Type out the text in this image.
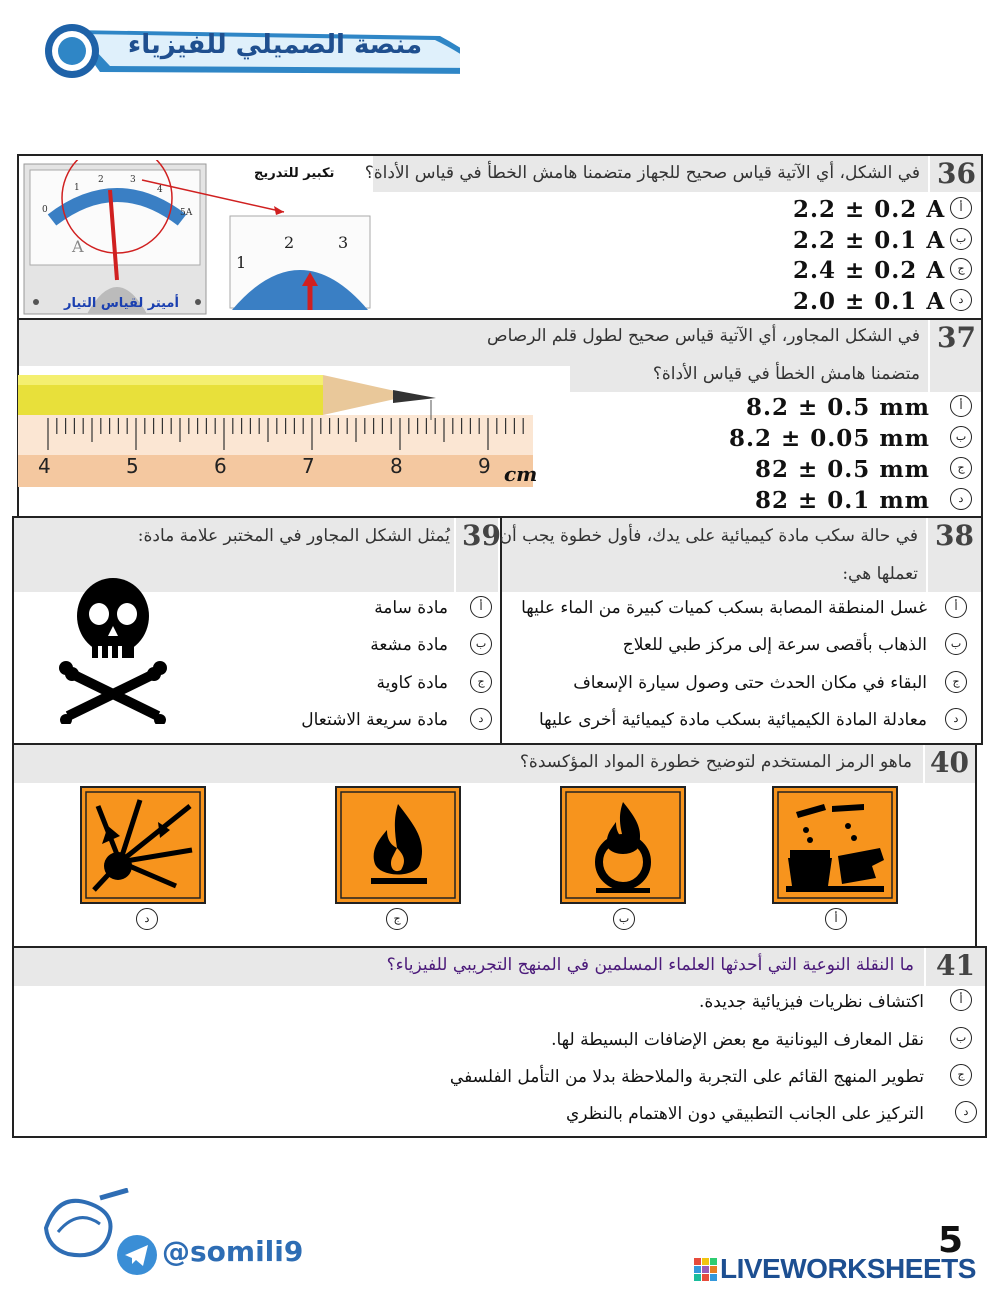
منصة الصميلي للفيزياء
36
في الشكل، أي الآتية قياس صحيح للجهاز متضمنا هامش الخطأ في قياس الأداة؟
0
1
2	3
4
5A
A
1
2	3
تكبير للتدريج
أميتر لقياس التيار
أ
2.2 ± 0.2 A
ب
2.2 ± 0.1 A
ج
2.4 ± 0.2 A
د
2.0 ± 0.1 A
37
في الشكل المجاور، أي الآتية قياس صحيح لطول قلم الرصاص
متضمنا هامش الخطأ في قياس الأداة؟
4	5	6	7	8	9 cm
أ
8.2 ± 0.5 mm
ب
8.2 ± 0.05 mm
ج
82 ± 0.5 mm
د
82 ± 0.1 mm
38
في حالة سكب مادة كيميائية على يدك، فأول خطوة يجب أن
تعملها هي:
أ
غسل المنطقة المصابة بسكب كميات كبيرة من الماء عليها
ب
الذهاب بأقصى سرعة إلى مركز طبي للعلاج
ج
البقاء في مكان الحدث حتى وصول سيارة الإسعاف
د
معادلة المادة الكيميائية بسكب مادة كيميائية أخرى عليها
39
يُمثل الشكل المجاور في المختبر علامة مادة:
أ
مادة سامة
ب
مادة مشعة
ج
مادة كاوية
د
مادة سريعة الاشتعال
40
ماهو الرمز المستخدم لتوضيح خطورة المواد المؤكسدة؟
د	ج	ب	أ
41
ما النقلة النوعية التي أحدثها العلماء المسلمين في المنهج التجريبي للفيزياء؟
أ
اكتشاف نظريات فيزيائية جديدة.
ب
نقل المعارف اليونانية مع بعض الإضافات البسيطة لها.
ج
تطوير المنهج القائم على التجربة والملاحظة بدلا من التأمل الفلسفي
د
التركيز على الجانب التطبيقي دون الاهتمام بالنظري
@somili9	5
LIVEWORKSHEETS
